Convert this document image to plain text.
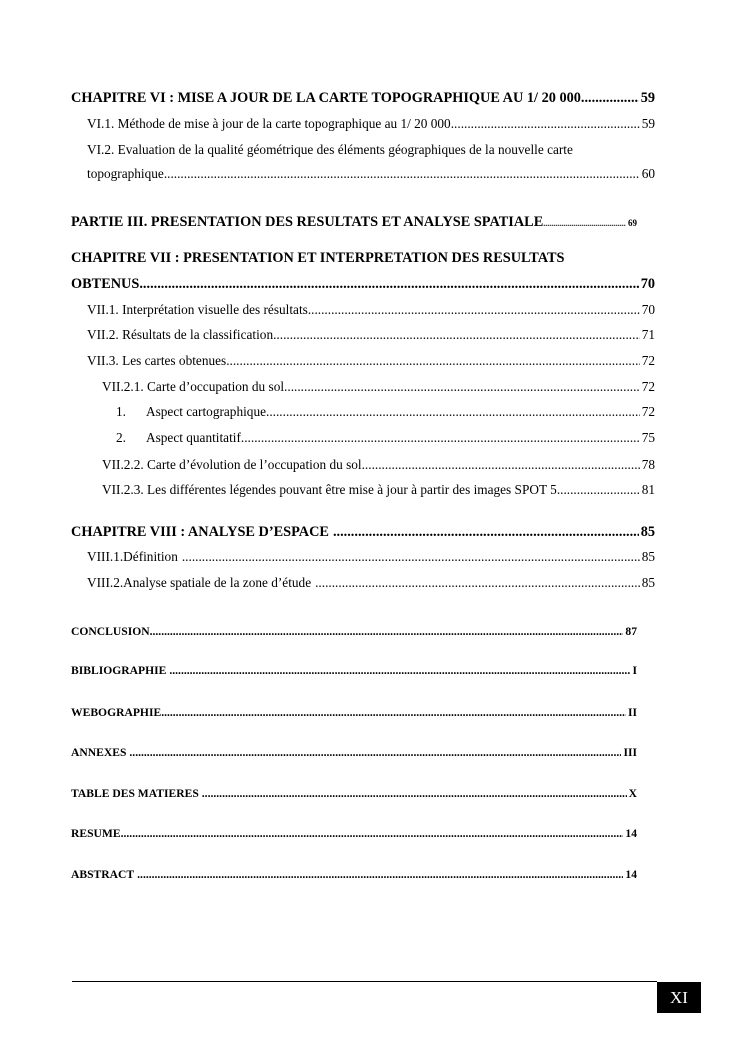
CHAPITRE VI : MISE A JOUR DE LA CARTE TOPOGRAPHIQUE AU 1/ 20 000 .....	59
VI.1. Méthode de mise à jour de la carte topographique au 1/ 20 000 .....	59
VI.2. Evaluation de la qualité géométrique des éléments géographiques de la nouvelle carte
topographique .....	60
PARTIE III. PRESENTATION DES RESULTATS ET ANALYSE SPATIALE .....	69
CHAPITRE VII : PRESENTATION ET INTERPRETATION DES RESULTATS
OBTENUS .....	70
VII.1. Interprétation visuelle des résultats .....	70
VII.2. Résultats de la classification .....	71
VII.3. Les cartes obtenues .....	72
VII.2.1. Carte d’occupation du sol .....	72
1.	Aspect cartographique .....	72
2.	Aspect quantitatif .....	75
VII.2.2. Carte d’évolution de l’occupation du sol .....	78
VII.2.3. Les différentes légendes pouvant être mise à jour à partir des images SPOT 5 .....	81
CHAPITRE VIII : ANALYSE D’ESPACE .....	85
VIII.1.Définition .....	85
VIII.2.Analyse spatiale de la zone d’étude .....	85
CONCLUSION .....	87
BIBLIOGRAPHIE .....	I
WEBOGRAPHIE .....	II
ANNEXES .....	III
TABLE DES MATIERES .....	X
RESUME .....	14
ABSTRACT .....	14
XI
